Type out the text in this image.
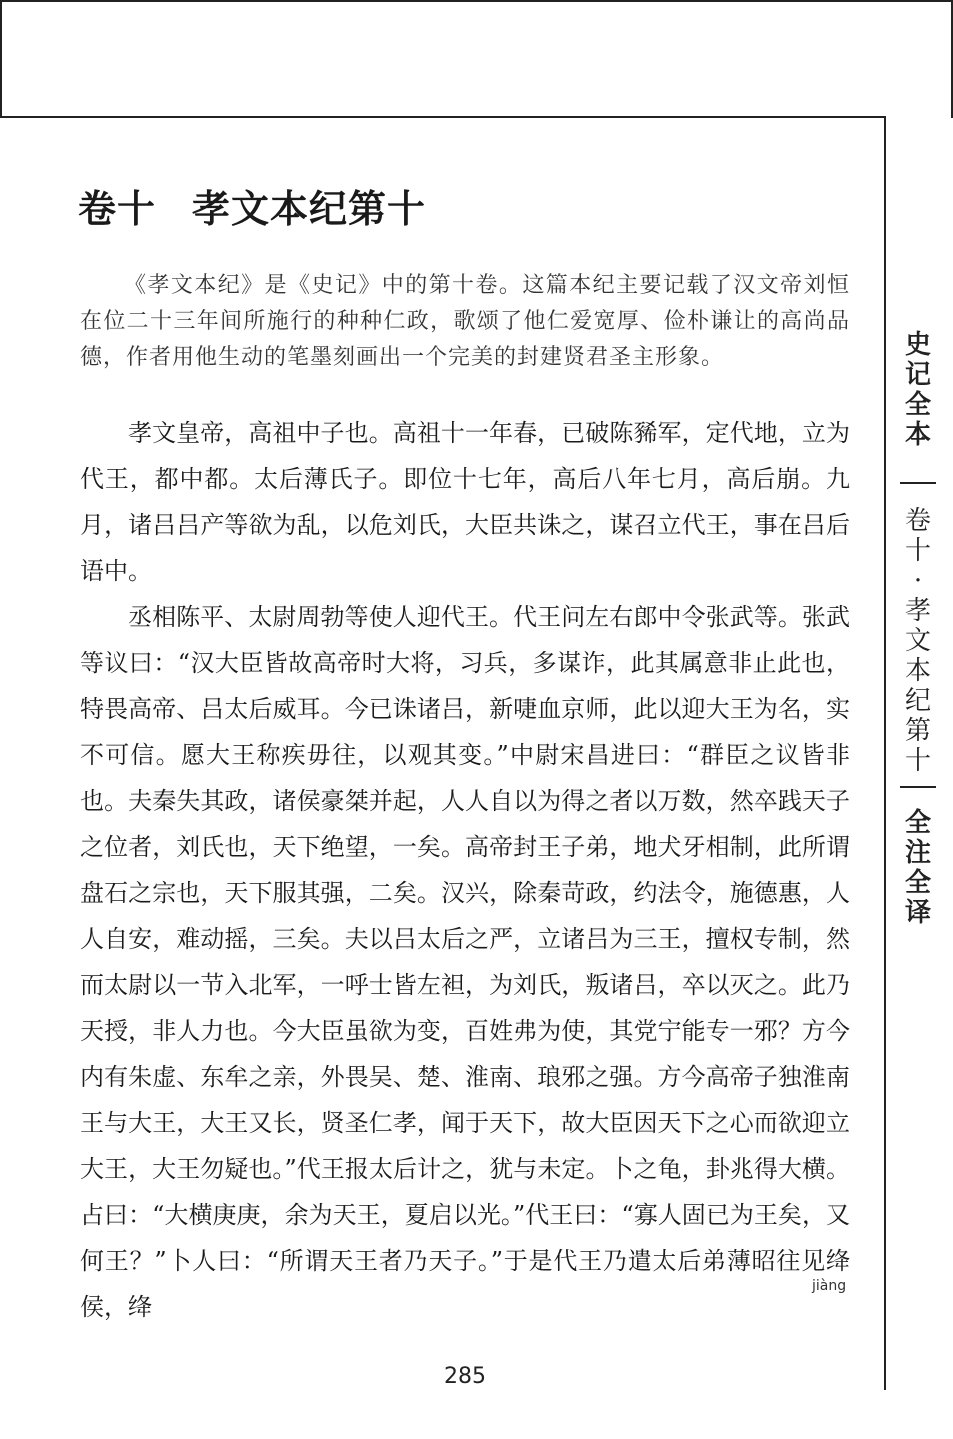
卷十 孝文本纪第十
《孝文本纪》是《史记》中的第十卷。这篇本纪主要记载了汉文帝刘恒在位二十三年间所施行的种种仁政，歌颂了他仁爱宽厚、俭朴谦让的高尚品德，作者用他生动的笔墨刻画出一个完美的封建贤君圣主形象。

孝文皇帝，高祖中子也。高祖十一年春，已破陈豨军，定代地，立为代王，都中都。太后薄氏子。即位十七年，高后八年七月，高后崩。九月，诸吕吕产等欲为乱，以危刘氏，大臣共诛之，谋召立代王，事在吕后语中。

丞相陈平、太尉周勃等使人迎代王。代王问左右郎中令张武等。张武等议曰：“汉大臣皆故高帝时大将，习兵，多谋诈，此其属意非止此也，特畏高帝、吕太后威耳。今已诛诸吕，新啑血京师，此以迎大王为名，实不可信。愿大王称疾毋往，以观其变。”中尉宋昌进曰：“群臣之议皆非也。夫秦失其政，诸侯豪桀并起，人人自以为得之者以万数，然卒践天子之位者，刘氏也，天下绝望，一矣。高帝封王子弟，地犬牙相制，此所谓盘石之宗也，天下服其强，二矣。汉兴，除秦苛政，约法令，施德惠，人人自安，难动摇，三矣。夫以吕太后之严，立诸吕为三王，擅权专制，然而太尉以一节入北军，一呼士皆左袒，为刘氏，叛诸吕，卒以灭之。此乃天授，非人力也。今大臣虽欲为变，百姓弗为使，其党宁能专一邪？方今内有朱虚、东牟之亲，外畏吴、楚、淮南、琅邪之强。方今高帝子独淮南王与大王，大王又长，贤圣仁孝，闻于天下，故大臣因天下之心而欲迎立大王，大王勿疑也。”代王报太后计之，犹与未定。卜之龟，卦兆得大横。占曰：“大横庚庚，余为天王，夏启以光。”代王曰：“寡人固已为王矣，又何王？”卜人曰：“所谓天王者乃天子。”于是代王乃遣太后弟薄昭往见绛侯，绛

jiàng
285
史
记
全
本
卷
十
·
孝
文
本
纪
第
十
全
注
全
译
